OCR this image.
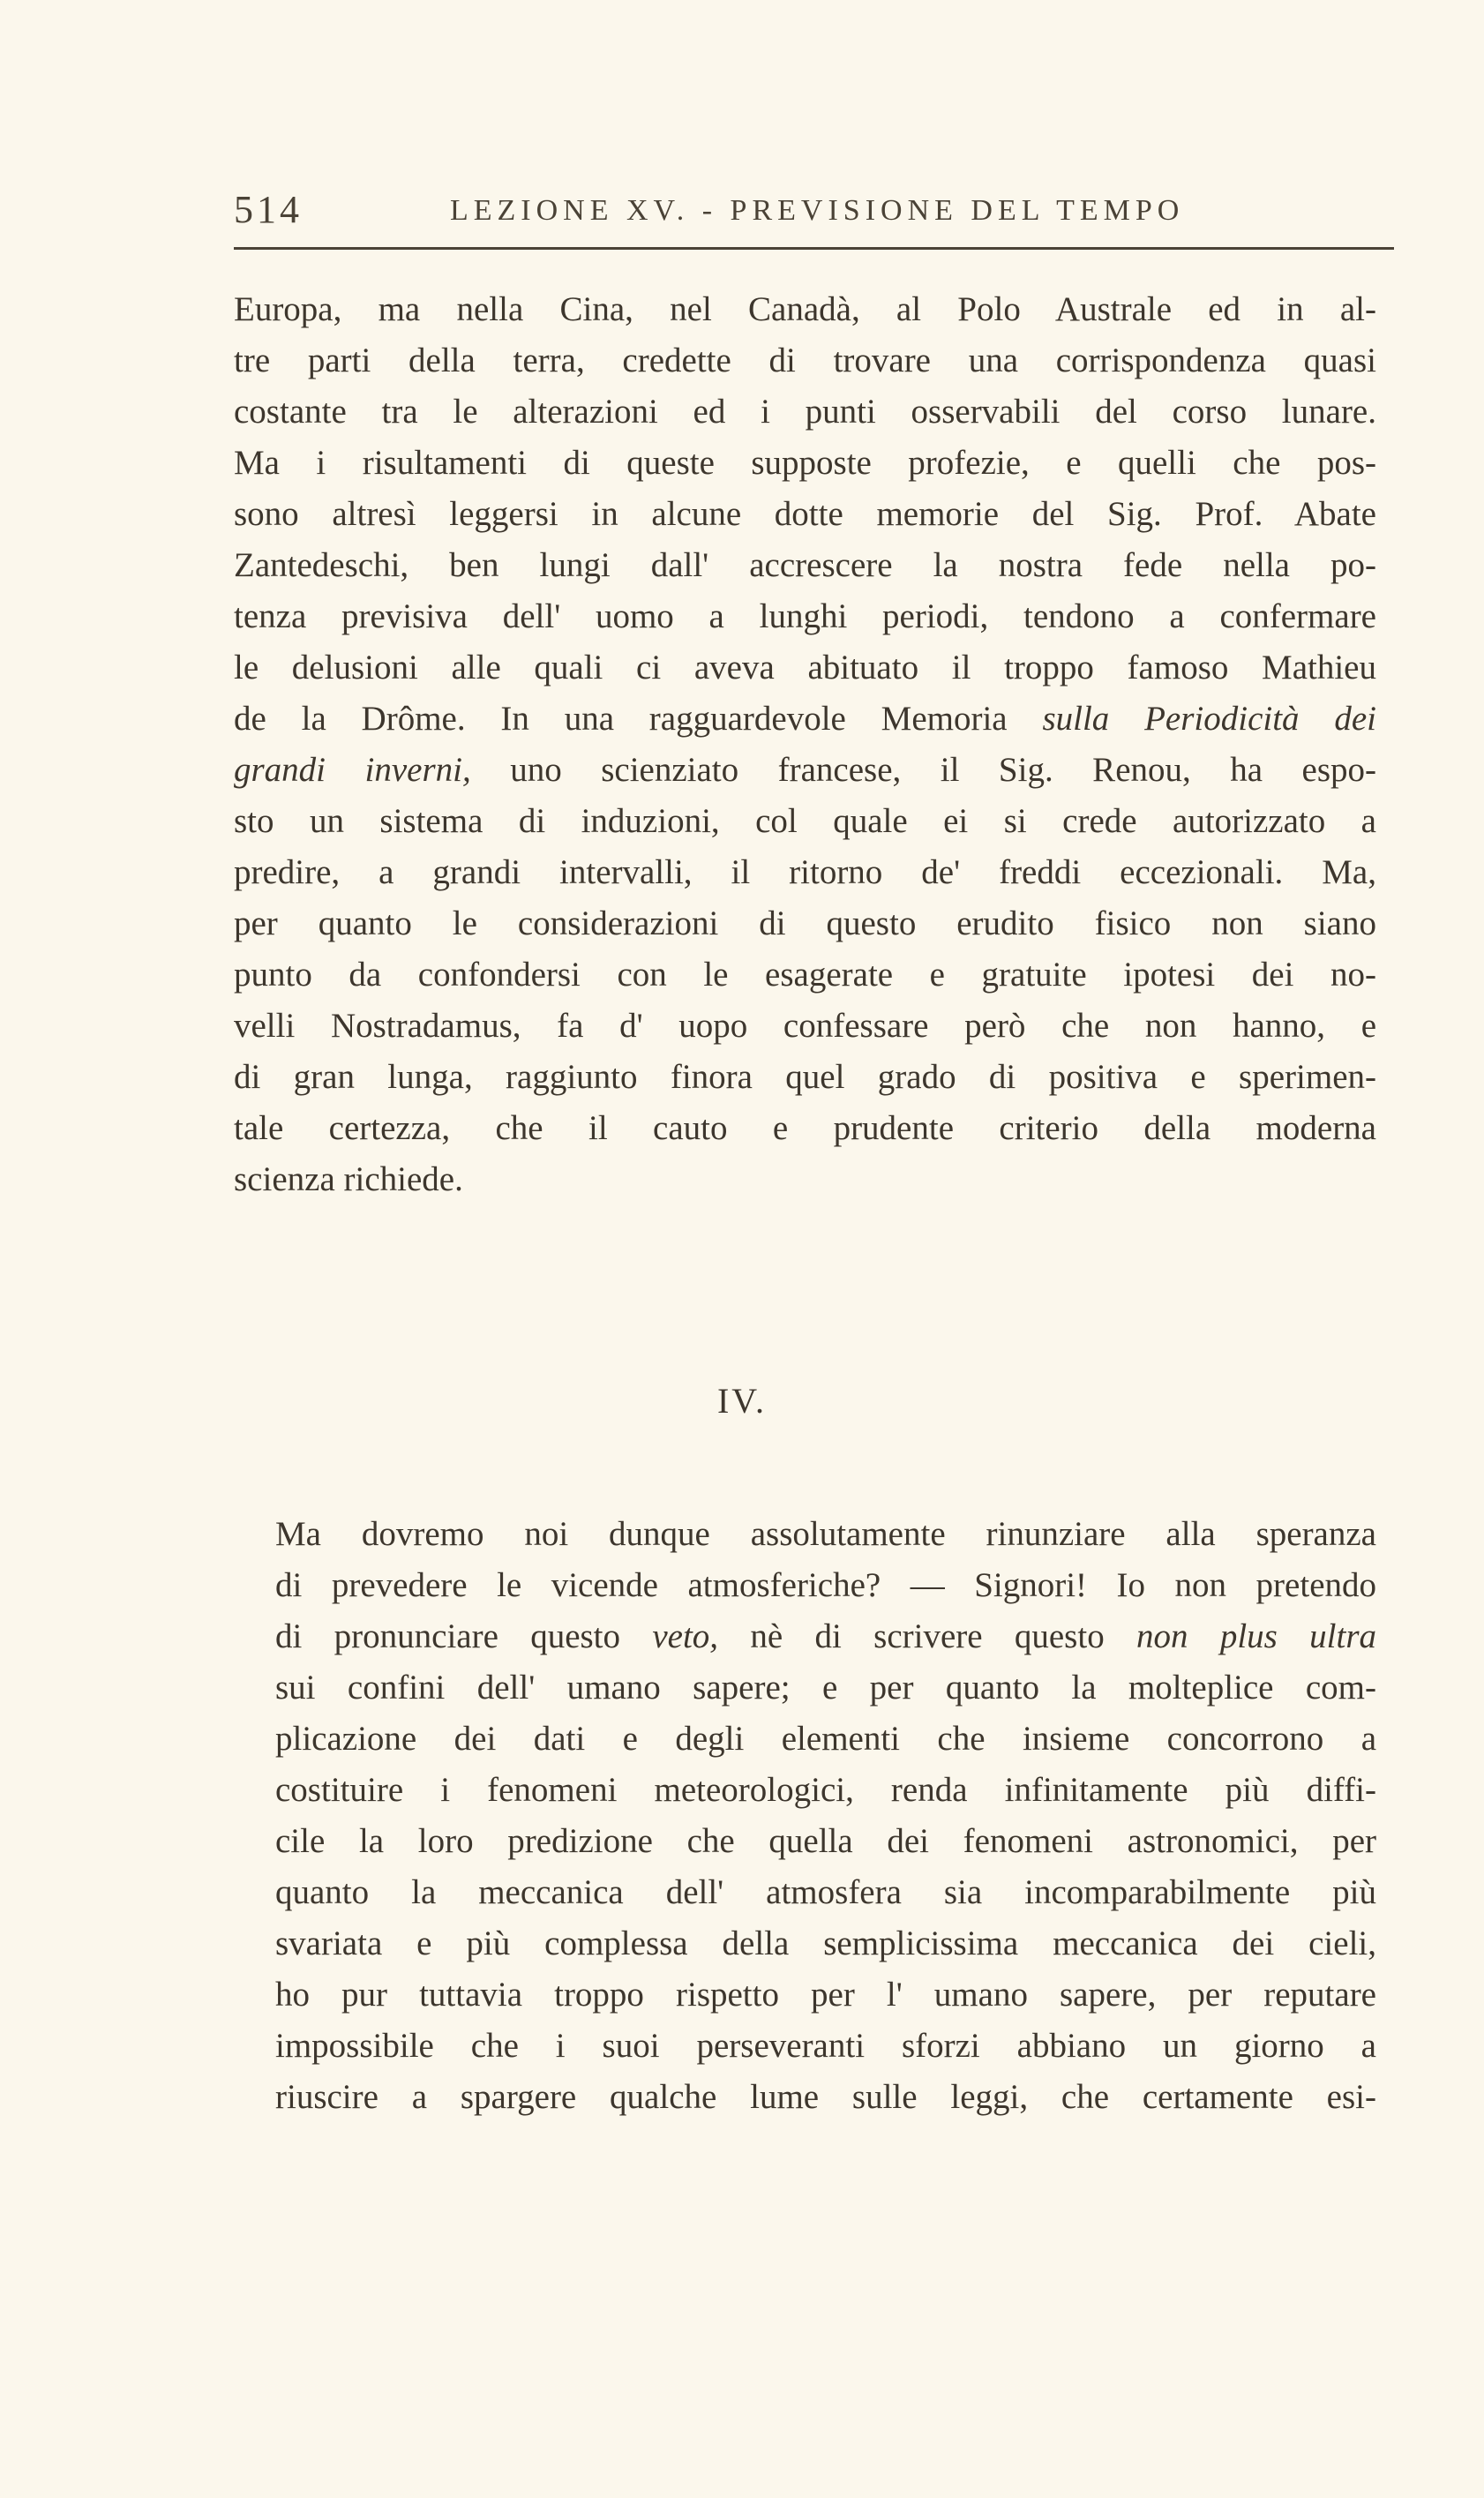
514	LEZIONE XV. - PREVISIONE DEL TEMPO
Europa, ma nella Cina, nel Canadà, al Polo Australe ed in al-
tre parti della terra, credette di trovare una corrispondenza quasi
costante tra le alterazioni ed i punti osservabili del corso lunare.
Ma i risultamenti di queste supposte profezie, e quelli che pos-
sono altresì leggersi in alcune dotte memorie del Sig. Prof. Abate
Zantedeschi, ben lungi dall' accrescere la nostra fede nella po-
tenza previsiva dell' uomo a lunghi periodi, tendono a confermare
le delusioni alle quali ci aveva abituato il troppo famoso Mathieu
de la Drôme. In una ragguardevole Memoria sulla Periodicità dei
grandi inverni, uno scienziato francese, il Sig. Renou, ha espo-
sto un sistema di induzioni, col quale ei si crede autorizzato a
predire, a grandi intervalli, il ritorno de' freddi eccezionali. Ma,
per quanto le considerazioni di questo erudito fisico non siano
punto da confondersi con le esagerate e gratuite ipotesi dei no-
velli Nostradamus, fa d' uopo confessare però che non hanno, e
di gran lunga, raggiunto finora quel grado di positiva e sperimen-
tale certezza, che il cauto e prudente criterio della moderna
scienza richiede.
IV.
Ma dovremo noi dunque assolutamente rinunziare alla speranza
di prevedere le vicende atmosferiche? — Signori! Io non pretendo
di pronunciare questo veto, nè di scrivere questo non plus ultra
sui confini dell' umano sapere; e per quanto la molteplice com-
plicazione dei dati e degli elementi che insieme concorrono a
costituire i fenomeni meteorologici, renda infinitamente più diffi-
cile la loro predizione che quella dei fenomeni astronomici, per
quanto la meccanica dell' atmosfera sia incomparabilmente più
svariata e più complessa della semplicissima meccanica dei cieli,
ho pur tuttavia troppo rispetto per l' umano sapere, per reputare
impossibile che i suoi perseveranti sforzi abbiano un giorno a
riuscire a spargere qualche lume sulle leggi, che certamente esi-
